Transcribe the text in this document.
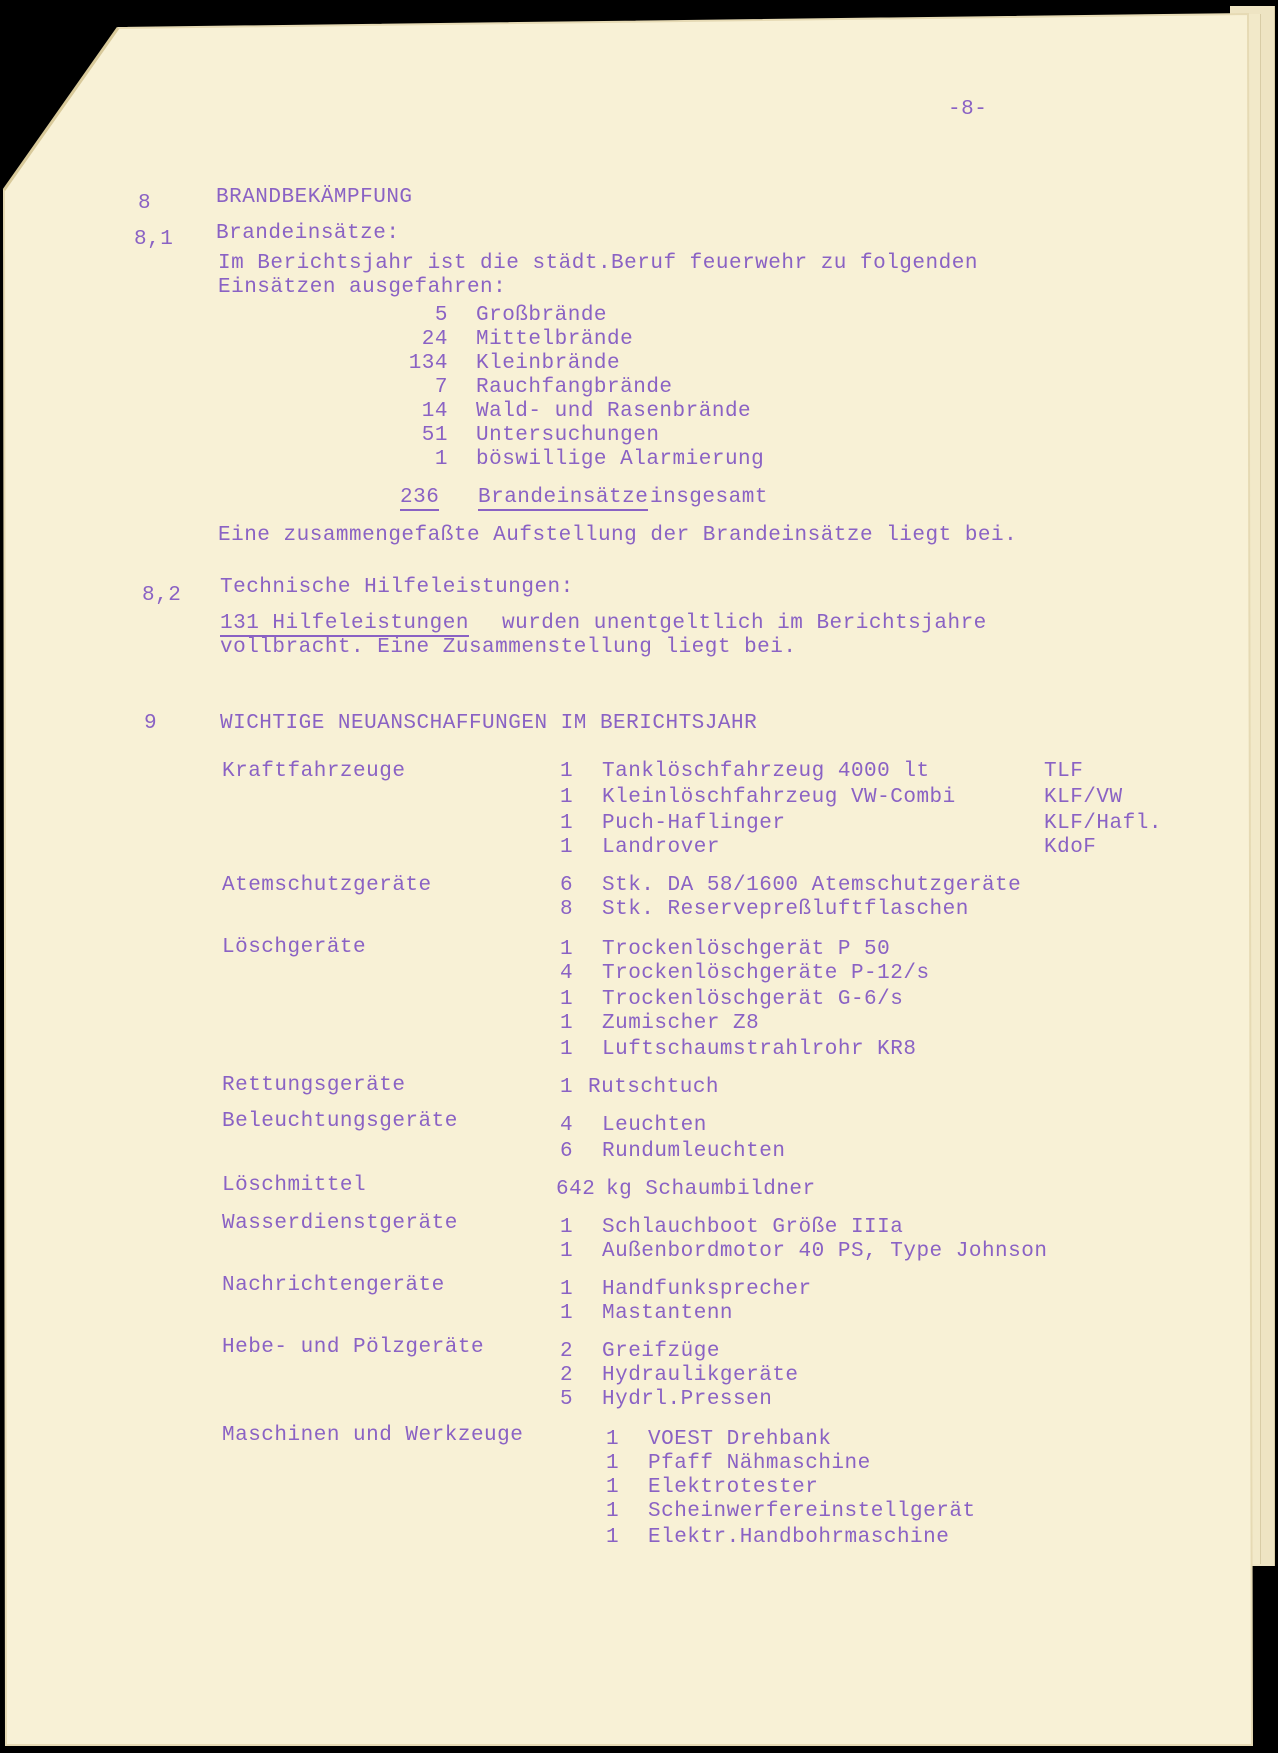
-8-
8	BRANDBEKÄMPFUNG
8,1 Brandeinsätze:
Im Berichtsjahr ist die städt.Beruf feuerwehr zu folgenden
Einsätzen ausgefahren:
5 Großbrände
24 Mittelbrände
134 Kleinbrände
7 Rauchfangbrände
14 Wald- und Rasenbrände
51 Untersuchungen
1 böswillige Alarmierung
236 Brandeinsätze insgesamt
Eine zusammengefaßte Aufstellung der Brandeinsätze liegt bei.
8,2 Technische Hilfeleistungen:
131 Hilfeleistungen wurden unentgeltlich im Berichtsjahre
vollbracht. Eine Zusammenstellung liegt bei.
9	WICHTIGE NEUANSCHAFFUNGEN IM BERICHTSJAHR
Kraftfahrzeuge	1 Tanklöschfahrzeug 4000 lt	TLF
1 Kleinlöschfahrzeug VW-Combi	KLF/VW
1 Puch-Haflinger	KLF/Hafl.
1 Landrover	KdoF
Atemschutzgeräte	6 Stk. DA 58/1600 Atemschutzgeräte
8 Stk. Reservepreßluftflaschen
Löschgeräte	1 Trockenlöschgerät P 50
4 Trockenlöschgeräte P-12/s
1 Trockenlöschgerät G-6/s
1 Zumischer Z8
1 Luftschaumstrahlrohr KR8
Rettungsgeräte	1 Rutschtuch
Beleuchtungsgeräte	4 Leuchten
6 Rundumleuchten
Löschmittel	642 kg Schaumbildner
Wasserdienstgeräte	1 Schlauchboot Größe IIIa
1 Außenbordmotor 40 PS, Type Johnson
Nachrichtengeräte	1 Handfunksprecher
1 Mastantenn
Hebe- und Pölzgeräte	2 Greifzüge
2 Hydraulikgeräte
5 Hydrl.Pressen
Maschinen und Werkzeuge	1 VOEST Drehbank
1 Pfaff Nähmaschine
1 Elektrotester
1 Scheinwerfereinstellgerät
1 Elektr.Handbohrmaschine
